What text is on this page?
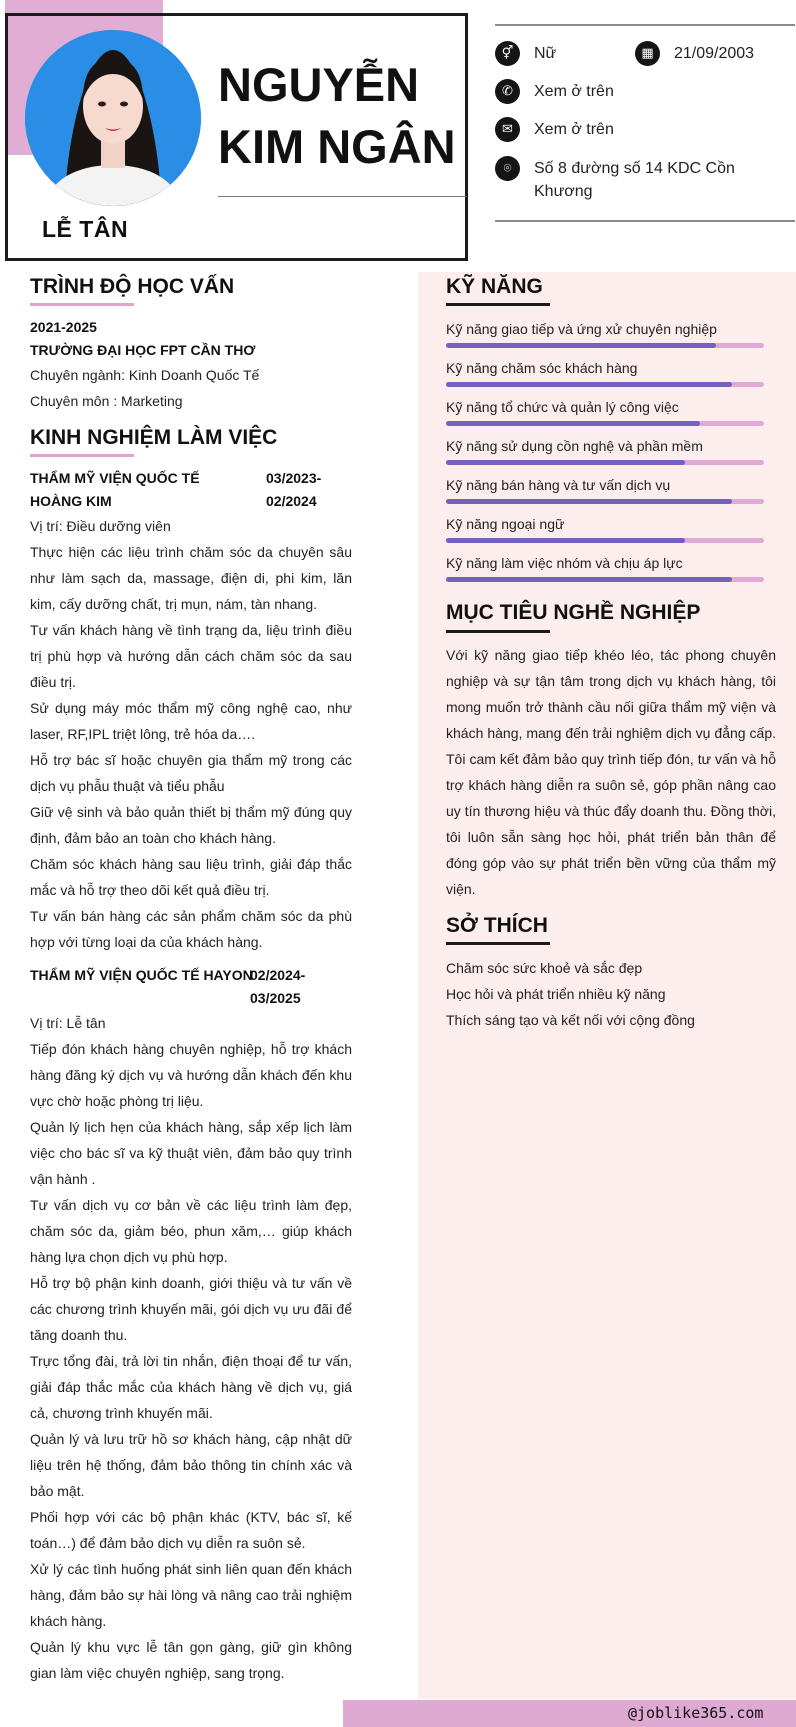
@joblike365.com
LỄ TÂN
NGUYỄN
KIM NGÂN
⚥	Nữ	▦	21/09/2003
✆	Xem ở trên
✉	Xem ở trên
⌾	Số 8 đường số 14 KDC Cồn
Khương
TRÌNH ĐỘ HỌC VẤN
2021-2025
TRƯỜNG ĐẠI HỌC FPT CẦN THƠ
Chuyên ngành: Kinh Doanh Quốc Tế
Chuyên môn : Marketing
KINH NGHIỆM LÀM VIỆC
THẨM MỸ VIỆN QUỐC TẾ HOÀNG KIM
03/2023-
02/2024
Vị trí: Điều dưỡng viên
Thực hiện các liệu trình chăm sóc da chuyên sâu như làm sạch da, massage, điện di, phi kim, lăn kim, cấy dưỡng chất, trị mụn, nám, tàn nhang.
Tư vấn khách hàng về tình trạng da, liệu trình điều trị phù hợp và hướng dẫn cách chăm sóc da sau điều trị.
Sử dụng máy móc thẩm mỹ công nghệ cao, như laser, RF,IPL triệt lông, trẻ hóa da….
Hỗ trợ bác sĩ hoặc chuyên gia thẩm mỹ trong các dịch vụ phẫu thuật và tiểu phẫu
Giữ vệ sinh và bảo quản thiết bị thẩm mỹ đúng quy định, đảm bảo an toàn cho khách hàng.
Chăm sóc khách hàng sau liệu trình, giải đáp thắc mắc và hỗ trợ theo dõi kết quả điều trị.
Tư vấn bán hàng các sản phẩm chăm sóc da phù hợp với từng loại da của khách hàng.
THẨM MỸ VIỆN QUỐC TẾ HAYON
02/2024-
03/2025
Vị trí: Lễ tân
Tiếp đón khách hàng chuyên nghiệp, hỗ trợ khách hàng đăng ký dịch vụ và hướng dẫn khách đến khu vực chờ hoặc phòng trị liệu.
Quản lý lịch hẹn của khách hàng, sắp xếp lịch làm việc cho bác sĩ va kỹ thuật viên, đảm bảo quy trình vận hành .
Tư vấn dịch vụ cơ bản về các liệu trình làm đẹp, chăm sóc da, giảm béo, phun xăm,… giúp khách hàng lựa chọn dịch vụ phù hợp.
Hỗ trợ bộ phận kinh doanh, giới thiệu và tư vấn về các chương trình khuyến mãi, gói dịch vụ ưu đãi để tăng doanh thu.
Trực tổng đài, trả lời tin nhắn, điện thoại để tư vấn, giải đáp thắc mắc của khách hàng về dịch vụ, giá cả, chương trình khuyến mãi.
Quản lý và lưu trữ hồ sơ khách hàng, cập nhật dữ liệu trên hệ thống, đảm bảo thông tin chính xác và bảo mật.
Phối hợp với các bộ phận khác (KTV, bác sĩ, kế toán…) để đảm bảo dịch vụ diễn ra suôn sẻ.
Xử lý các tình huống phát sinh liên quan đến khách hàng, đảm bảo sự hài lòng và nâng cao trải nghiệm khách hàng.
Quản lý khu vực lễ tân gọn gàng, giữ gìn không gian làm việc chuyên nghiệp, sang trọng.
KỸ NĂNG
Kỹ năng giao tiếp và ứng xử chuyên nghiệp
Kỹ năng chăm sóc khách hàng
Kỹ năng tổ chức và quản lý công việc
Kỹ năng sử dụng cồn nghệ và phần mềm
Kỹ năng bán hàng và tư vấn dịch vụ
Kỹ năng ngoại ngữ
Kỹ năng làm việc nhóm và chịu áp lực
MỤC TIÊU NGHỀ NGHIỆP
Với kỹ năng giao tiếp khéo léo, tác phong chuyên nghiệp và sự tận tâm trong dịch vụ khách hàng, tôi mong muốn trở thành cầu nối giữa thẩm mỹ viện và khách hàng, mang đến trải nghiệm dịch vụ đẳng cấp. Tôi cam kết đảm bảo quy trình tiếp đón, tư vấn và hỗ trợ khách hàng diễn ra suôn sẻ, góp phần nâng cao uy tín thương hiệu và thúc đẩy doanh thu. Đồng thời, tôi luôn sẵn sàng học hỏi, phát triển bản thân để đóng góp vào sự phát triển bền vững của thẩm mỹ viện.
SỞ THÍCH
Chăm sóc sức khoẻ và sắc đẹp
Học hỏi và phát triển nhiều kỹ năng
Thích sáng tạo và kết nối với cộng đồng
